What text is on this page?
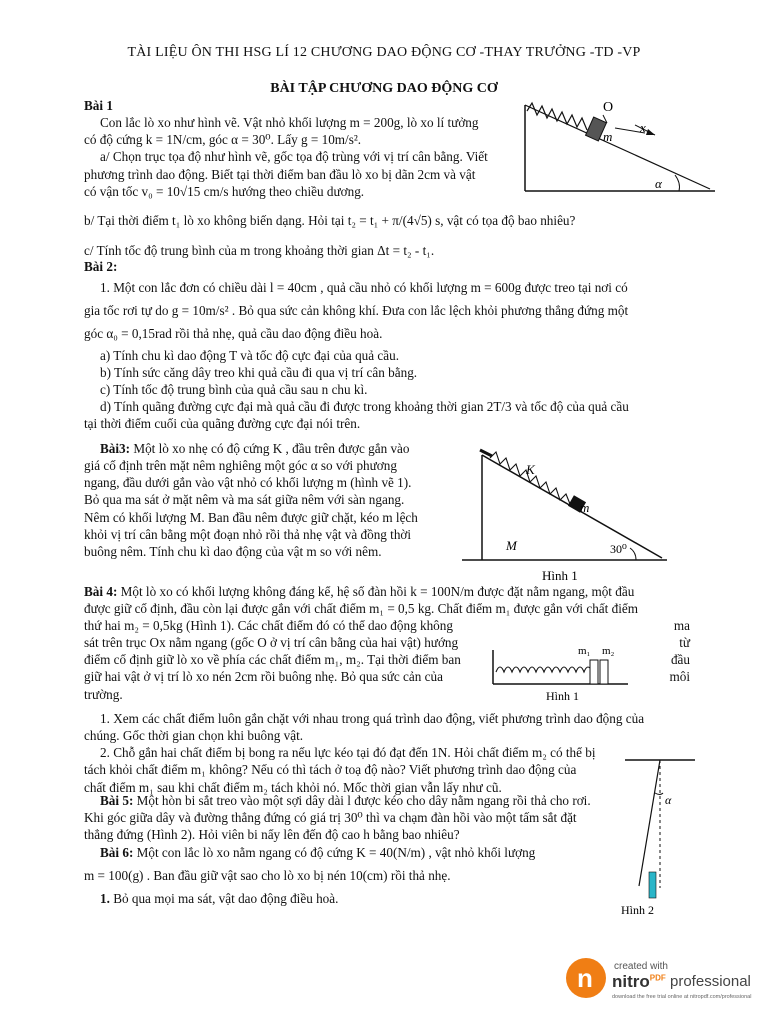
TÀI LIỆU ÔN THI HSG LÍ 12 CHƯƠNG DAO ĐỘNG CƠ -THAY TRƯỞNG -TD -VP
BÀI TẬP CHƯƠNG DAO ĐỘNG CƠ

Bài 1

Con lắc lò xo như hình vẽ. Vật nhỏ khối lượng m = 200g, lò xo lí tưởng

có độ cứng k = 1N/cm, góc α = 30⁰. Lấy g = 10m/s².

a/ Chọn trục tọa độ như hình vẽ, gốc tọa độ trùng với vị trí cân bằng. Viết

phương trình dao động. Biết tại thời điểm ban đầu lò xo bị dãn 2cm và vật

có vận tốc v₀ = 10√15 cm/s hướng theo chiều dương.

b/ Tại thời điểm t₁ lò xo không biến dạng. Hỏi tại t₂ = t₁ + π/(4√5) s, vật có tọa độ bao nhiêu?
c/ Tính tốc độ trung bình của m trong khoảng thời gian Δt = t₂ - t₁.
O
x
m
α

Bài 2:

1. Một con lắc đơn có chiều dài l = 40cm , quả cầu nhỏ có khối lượng m = 600g được treo tại nơi có

gia tốc rơi tự do g = 10m/s² . Bỏ qua sức cản không khí. Đưa con lắc lệch khỏi phương thẳng đứng một

góc α₀ = 0,15rad rồi thả nhẹ, quả cầu dao động điều hoà.

a) Tính chu kì dao động T và tốc độ cực đại của quả cầu.

b) Tính sức căng dây treo khi quả cầu đi qua vị trí cân bằng.

c) Tính tốc độ trung bình của quả cầu sau n chu kì.

d) Tính quãng đường cực đại mà quả cầu đi được trong khoảng thời gian 2T/3 và tốc độ của quả cầu

tại thời điểm cuối của quãng đường cực đại nói trên.

Bài3: Một lò xo nhẹ có độ cứng K , đầu trên được gắn vào

giá cố định trên mặt nêm nghiêng một góc α so với phương

ngang, đầu dưới gắn vào vật nhỏ có khối lượng m (hình vẽ 1).

Bỏ qua ma sát ở mặt nêm và ma sát giữa nêm với sàn ngang.

Nêm có khối lượng M. Ban đầu nêm được giữ chặt, kéo m lệch

khỏi vị trí cân bằng một đoạn nhỏ rồi thả nhẹ vật và đồng thời

buông nêm. Tính chu kì dao động của vật m so với nêm.

K
m
M	30⁰
Hình 1

Bài 4: Một lò xo có khối lượng không đáng kể, hệ số đàn hồi k = 100N/m được đặt nằm ngang, một đầu

được giữ cố định, đầu còn lại được gắn với chất điểm m₁ = 0,5 kg. Chất điểm m₁ được gắn với chất điểm

thứ hai m₂ = 0,5kg (Hình 1). Các chất điểm đó có thể dao động không

sát trên trục Ox nằm ngang (gốc O ở vị trí cân bằng của hai vật) hướng

điểm cố định giữ lò xo về phía các chất điểm m₁, m₂. Tại thời điểm ban

giữ hai vật ở vị trí lò xo nén 2cm rồi buông nhẹ. Bỏ qua sức cản của

trường.

ma

từ

đầu

môi

m₁ m₂
Hình 1

1. Xem các chất điểm luôn gắn chặt với nhau trong quá trình dao động, viết phương trình dao động của

chúng. Gốc thời gian chọn khi buông vật.

2. Chỗ gắn hai chất điểm bị bong ra nếu lực kéo tại đó đạt đến 1N. Hỏi chất điểm m₂ có thể bị

tách khỏi chất điểm m₁ không? Nếu có thì tách ở toạ độ nào? Viết phương trình dao động của

chất điểm m₁ sau khi chất điểm m₂ tách khỏi nó. Mốc thời gian vẫn lấy như cũ.

Bài 5: Một hòn bi sắt treo vào một sợi dây dài l được kéo cho dây nằm ngang rồi thả cho rơi.

Khi góc giữa dây và đường thẳng đứng có giá trị 30⁰ thì va chạm đàn hồi vào một tấm sắt đặt

thẳng đứng (Hình 2). Hỏi viên bi nẩy lên đến độ cao h bằng bao nhiêu?

α
Hình 2

Bài 6: Một con lắc lò xo nằm ngang có độ cứng K = 40(N/m) , vật nhỏ khối lượng

m = 100(g) . Ban đầu giữ vật sao cho lò xo bị nén 10(cm) rồi thả nhẹ.

1. Bỏ qua mọi ma sát, vật dao động điều hoà.

n created with
nitro$^{PDF}$ professional
download the free trial online at nitropdf.com/professional
